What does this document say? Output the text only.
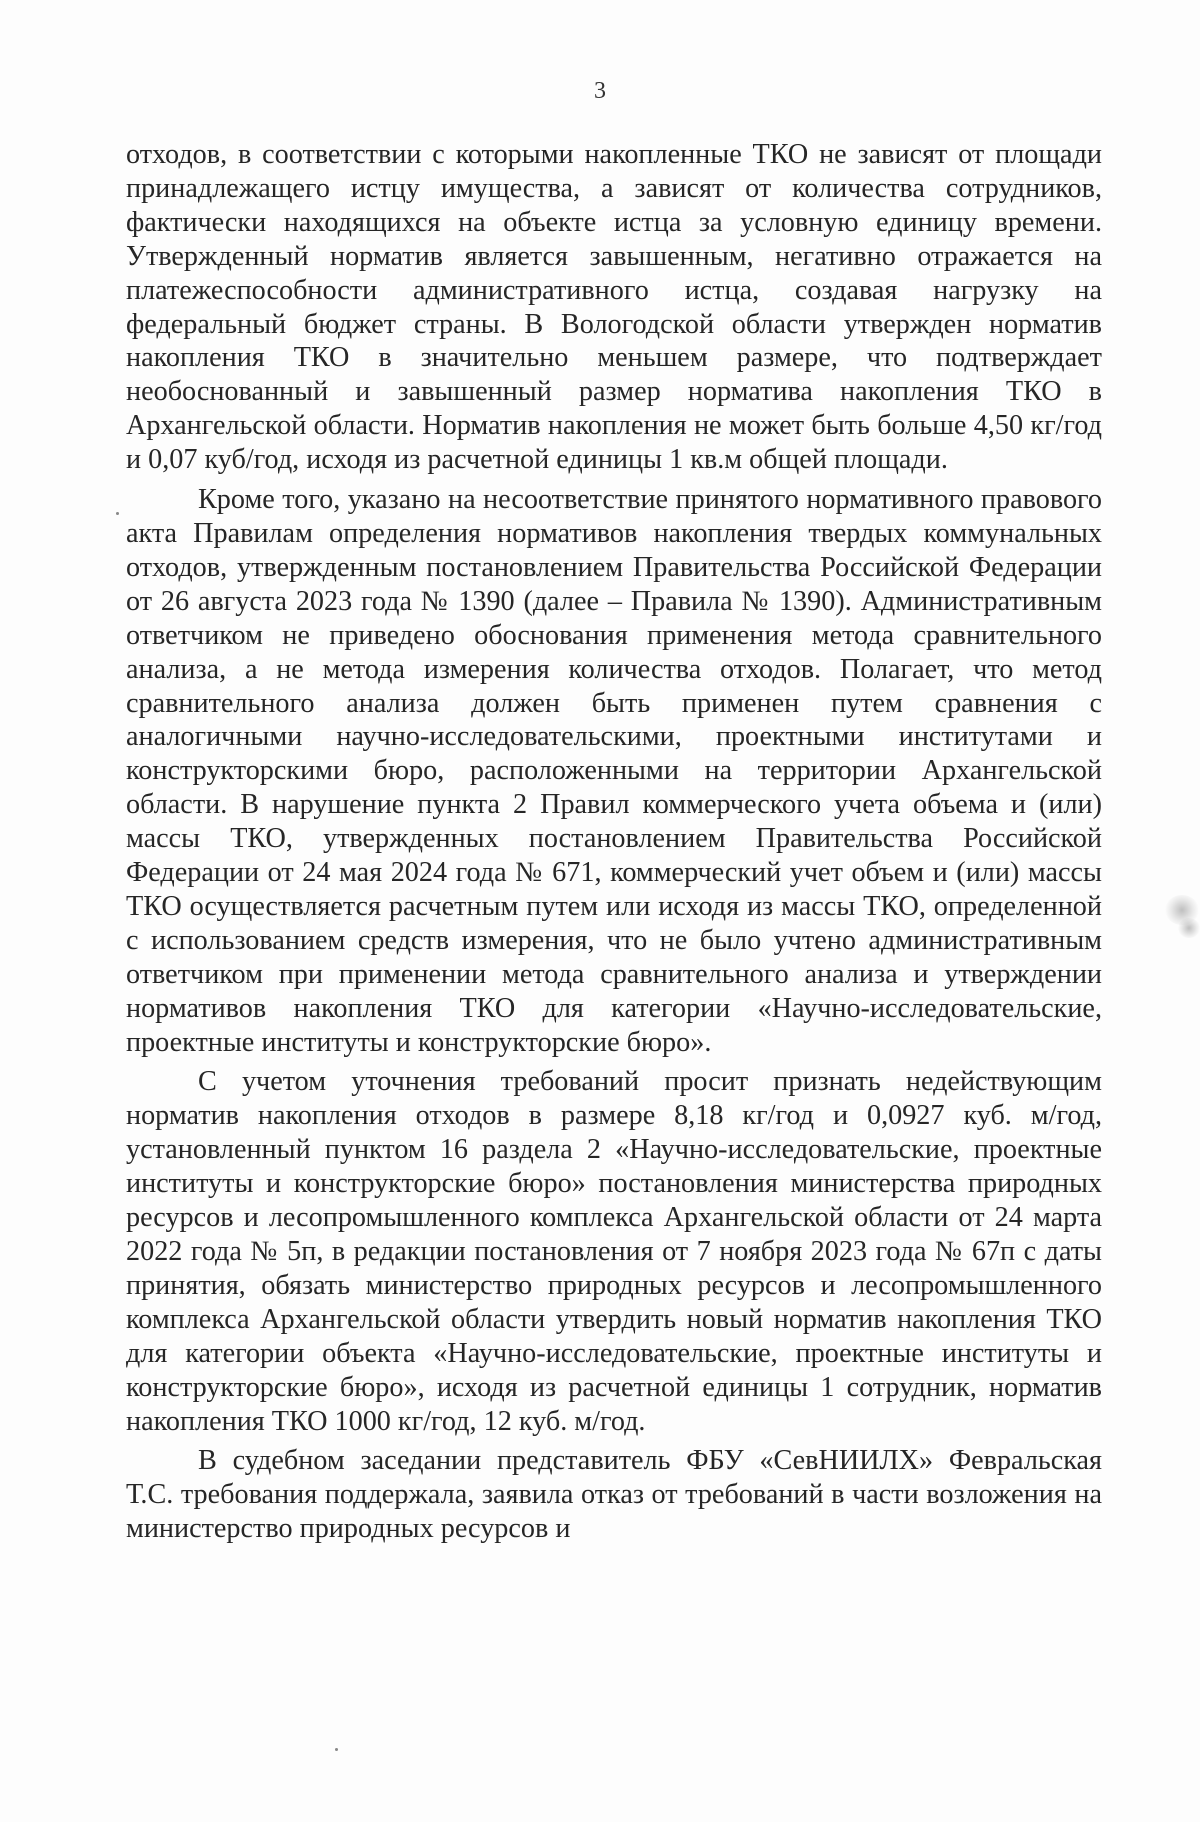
3

отходов, в соответствии с которыми накопленные ТКО не зависят от площади принадлежащего истцу имущества, а зависят от количества сотрудников, фактически находящихся на объекте истца за условную единицу времени. Утвержденный норматив является завышенным, негативно отражается на платежеспособности административного истца, создавая нагрузку на федеральный бюджет страны. В Вологодской области утвержден норматив накопления ТКО в значительно меньшем размере, что подтверждает необоснованный и завышенный размер норматива накопления ТКО в Архангельской области. Норматив накопления не может быть больше 4,50 кг/год и 0,07 куб/год, исходя из расчетной единицы 1 кв.м общей площади.

Кроме того, указано на несоответствие принятого нормативного правового акта Правилам определения нормативов накопления твердых коммунальных отходов, утвержденным постановлением Правительства Российской Федерации от 26 августа 2023 года № 1390 (далее – Правила № 1390). Административным ответчиком не приведено обоснования применения метода сравнительного анализа, а не метода измерения количества отходов. Полагает, что метод сравнительного анализа должен быть применен путем сравнения с аналогичными научно-исследовательскими, проектными институтами и конструкторскими бюро, расположенными на территории Архангельской области. В нарушение пункта 2 Правил коммерческого учета объема и (или) массы ТКО, утвержденных постановлением Правительства Российской Федерации от 24 мая 2024 года № 671, коммерческий учет объем и (или) массы ТКО осуществляется расчетным путем или исходя из массы ТКО, определенной с использованием средств измерения, что не было учтено административным ответчиком при применении метода сравнительного анализа и утверждении нормативов накопления ТКО для категории «Научно-исследовательские, проектные институты и конструкторские бюро».

С учетом уточнения требований просит признать недействующим норматив накопления отходов в размере 8,18 кг/год и 0,0927 куб. м/год, установленный пунктом 16 раздела 2 «Научно-исследовательские, проектные институты и конструкторские бюро» постановления министерства природных ресурсов и лесопромышленного комплекса Архангельской области от 24 марта 2022 года № 5п, в редакции постановления от 7 ноября 2023 года № 67п с даты принятия, обязать министерство природных ресурсов и лесопромышленного комплекса Архангельской области утвердить новый норматив накопления ТКО для категории объекта «Научно-исследовательские, проектные институты и конструкторские бюро», исходя из расчетной единицы 1 сотрудник, норматив накопления ТКО 1000 кг/год, 12 куб. м/год.

В судебном заседании представитель ФБУ «СевНИИЛХ» Февральская Т.С. требования поддержала, заявила отказ от требований в части возложения на министерство природных ресурсов и
